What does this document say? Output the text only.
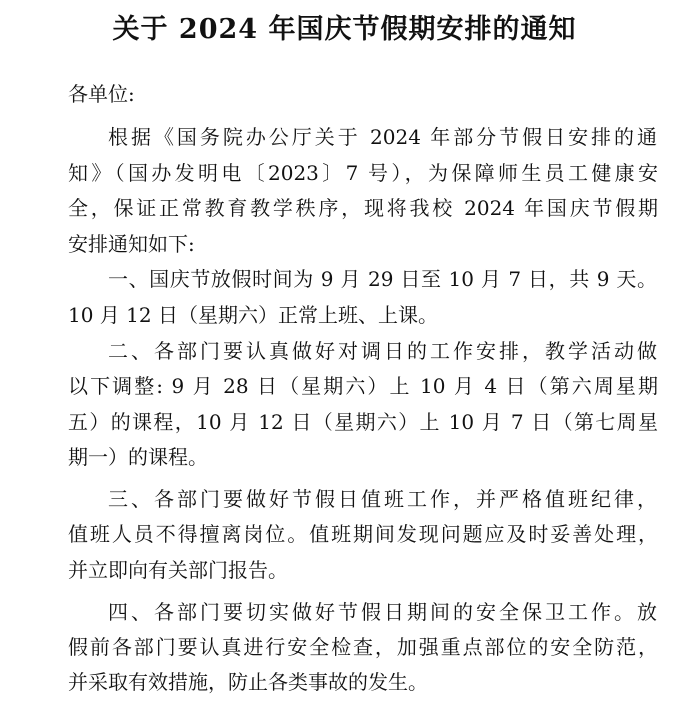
关于 2024 年国庆节假期安排的通知
各单位:
根据《国务院办公厅关于 2024 年部分节假日安排的通
知》（国办发明电〔2023〕7 号），为保障师生员工健康安
全，保证正常教育教学秩序，现将我校 2024 年国庆节假期
安排通知如下:
一、国庆节放假时间为 9 月 29 日至 10 月 7 日，共 9 天。
10 月 12 日（星期六）正常上班、上课。
二、各部门要认真做好对调日的工作安排，教学活动做
以下调整: 9 月 28 日（星期六）上 10 月 4 日（第六周星期
五）的课程，10 月 12 日（星期六）上 10 月 7 日（第七周星
期一）的课程。
三、各部门要做好节假日值班工作，并严格值班纪律，
值班人员不得擅离岗位。值班期间发现问题应及时妥善处理，
并立即向有关部门报告。
四、各部门要切实做好节假日期间的安全保卫工作。放
假前各部门要认真进行安全检查，加强重点部位的安全防范，
并采取有效措施，防止各类事故的发生。
